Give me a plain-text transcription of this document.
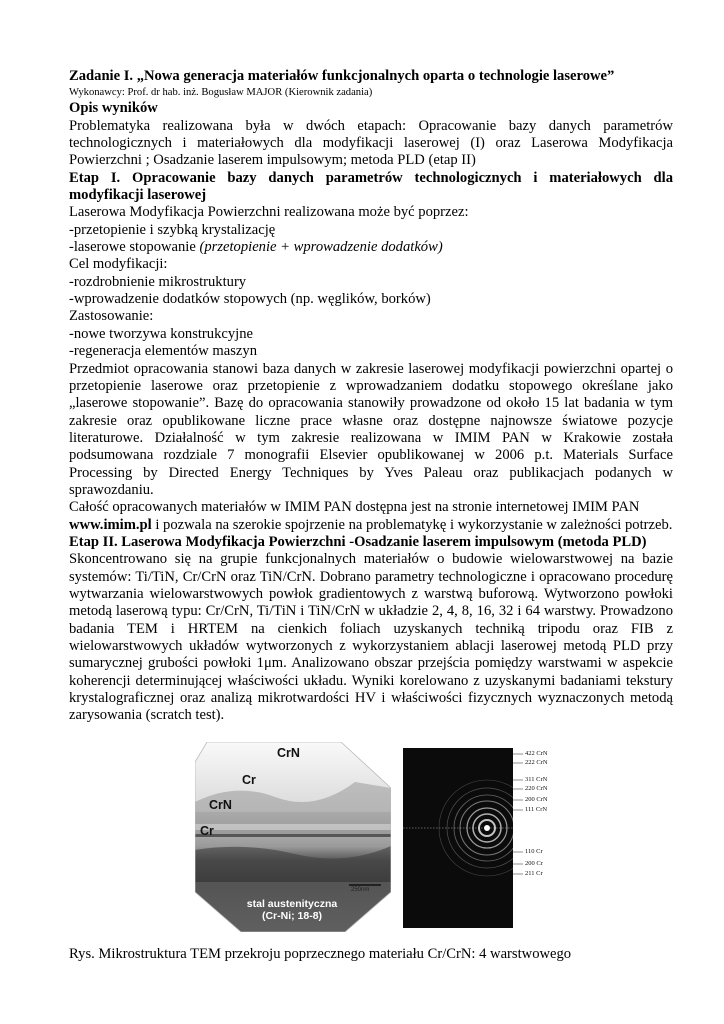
Zadanie I. „Nowa generacja materiałów funkcjonalnych oparta o technologie laserowe”

Wykonawcy: Prof. dr hab. inż. Bogusław MAJOR (Kierownik zadania)

Opis wyników

Problematyka realizowana była w dwóch etapach: Opracowanie bazy danych parametrów technologicznych i materiałowych dla modyfikacji laserowej (I) oraz Laserowa Modyfikacja Powierzchni ; Osadzanie laserem impulsowym; metoda PLD (etap II)

Etap I. Opracowanie bazy danych parametrów technologicznych i materiałowych dla modyfikacji laserowej

Laserowa Modyfikacja Powierzchni realizowana może być poprzez:

-przetopienie i szybką krystalizację

-laserowe stopowanie (przetopienie + wprowadzenie dodatków)

Cel modyfikacji:

-rozdrobnienie mikrostruktury

-wprowadzenie dodatków stopowych (np. węglików, borków)

Zastosowanie:

-nowe tworzywa konstrukcyjne

-regeneracja elementów maszyn

Przedmiot opracowania stanowi baza danych w zakresie laserowej modyfikacji powierzchni opartej o przetopienie laserowe oraz przetopienie z wprowadzaniem dodatku stopowego określane jako „laserowe stopowanie”. Bazę do opracowania stanowiły prowadzone od około 15 lat badania w tym zakresie oraz opublikowane liczne prace własne oraz dostępne najnowsze światowe pozycje literaturowe. Działalność w tym zakresie realizowana w IMIM PAN w Krakowie została podsumowana rozdziale 7 monografii Elsevier opublikowanej w 2006 p.t. Materials Surface Processing by Directed Energy Techniques by Yves Paleau oraz publikacjach podanych w sprawozdaniu.

Całość opracowanych materiałów w IMIM PAN dostępna jest na stronie internetowej IMIM PAN

www.imim.pl i pozwala na szerokie spojrzenie na problematykę i wykorzystanie w zależności potrzeb.

Etap II. Laserowa Modyfikacja Powierzchni -Osadzanie laserem impulsowym (metoda PLD)

Skoncentrowano się na grupie funkcjonalnych materiałów o budowie wielowarstwowej na bazie systemów: Ti/TiN, Cr/CrN oraz TiN/CrN. Dobrano parametry technologiczne i opracowano procedurę wytwarzania wielowarstwowych powłok gradientowych z warstwą buforową. Wytworzono powłoki metodą laserową typu: Cr/CrN, Ti/TiN i TiN/CrN w układzie 2, 4, 8, 16, 32 i 64 warstwy. Prowadzono badania TEM i HRTEM na cienkich foliach uzyskanych techniką tripodu oraz FIB z wielowarstwowych układów wytworzonych z wykorzystaniem ablacji laserowej metodą PLD przy sumarycznej grubości powłoki 1μm. Analizowano obszar przejścia pomiędzy warstwami w aspekcie koherencji determinującej właściwości układu. Wyniki korelowano z uzyskanymi badaniami tekstury krystalograficznej oraz analizą mikrotwardości HV i właściwości fizycznych wyznaczonych metodą zarysowania (scratch test).

CrN
Cr
CrN
Cr
250nm
stal austenityczna
(Cr-Ni; 18-8)
422 CrN
222 CrN
311 CrN
220 CrN
200 CrN
111 CrN
110 Cr
200 Cr
211 Cr

Rys. Mikrostruktura TEM przekroju poprzecznego materiału Cr/CrN: 4 warstwowego
